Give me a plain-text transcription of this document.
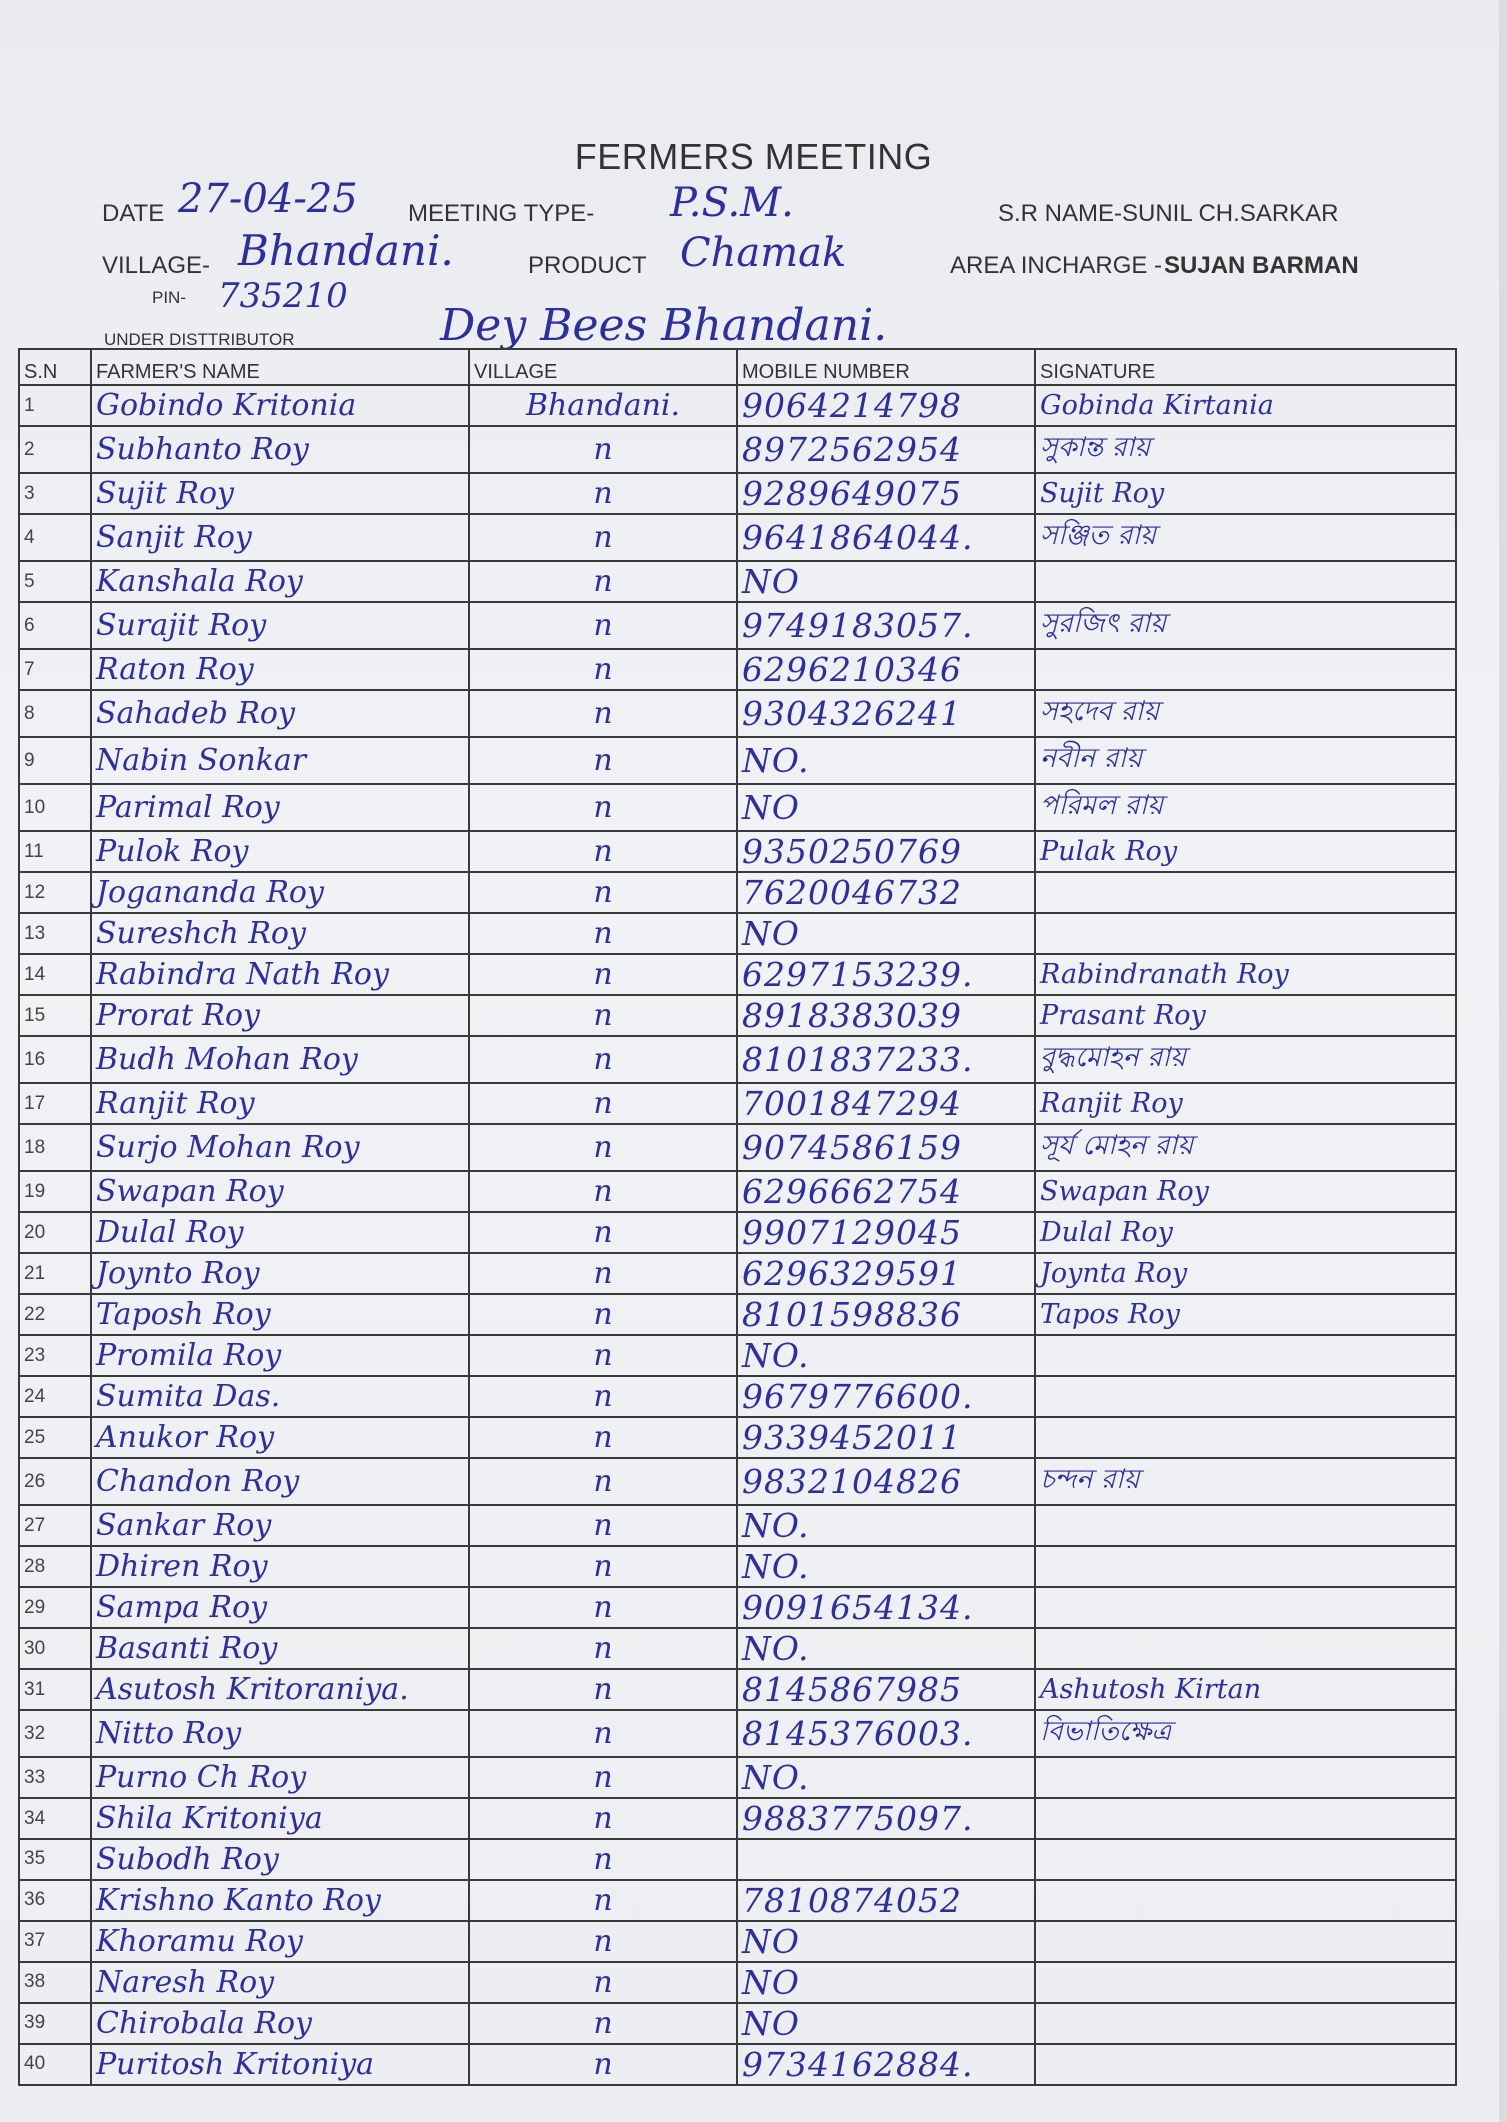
FERMERS MEETING
DATE 27-04-25 MEETING TYPE- P.S.M.	S.R NAME-SUNIL CH.SARKAR
VILLAGE- Bhandani.	PRODUCT Chamak	AREA INCHARGE - SUJAN BARMAN
PIN- 735210
UNDER DISTTRIBUTOR	Dey Bees Bhandani.
S.N	FARMER'S NAME	VILLAGE	MOBILE NUMBER	SIGNATURE
1	Gobindo Kritonia	Bhandani.	9064214798	Gobinda Kirtania
2	Subhanto Roy	n	8972562954	সুকান্ত রায়
3	Sujit Roy	n	9289649075	Sujit Roy
4	Sanjit Roy	n	9641864044.	সঞ্জিত রায়
5	Kanshala Roy	n	NO	
6	Surajit Roy	n	9749183057.	সুরজিৎ রায়
7	Raton Roy	n	6296210346	
8	Sahadeb Roy	n	9304326241	সহদেব রায়
9	Nabin Sonkar	n	NO.	নবীন রায়
10	Parimal Roy	n	NO	পরিমল রায়
11	Pulok Roy	n	9350250769	Pulak Roy
12	Jogananda Roy	n	7620046732	
13	Sureshch Roy	n	NO	
14	Rabindra Nath Roy	n	6297153239.	Rabindranath Roy
15	Prorat Roy	n	8918383039	Prasant Roy
16	Budh Mohan Roy	n	8101837233.	বুদ্ধমোহন রায়
17	Ranjit Roy	n	7001847294	Ranjit Roy
18	Surjo Mohan Roy	n	9074586159	সূর্য মোহন রায়
19	Swapan Roy	n	6296662754	Swapan Roy
20	Dulal Roy	n	9907129045	Dulal Roy
21	Joynto Roy	n	6296329591	Joynta Roy
22	Taposh Roy	n	8101598836	Tapos Roy
23	Promila Roy	n	NO.	
24	Sumita Das.	n	9679776600.	
25	Anukor Roy	n	9339452011	
26	Chandon Roy	n	9832104826	চন্দন রায়
27	Sankar Roy	n	NO.	
28	Dhiren Roy	n	NO.	
29	Sampa Roy	n	9091654134.	
30	Basanti Roy	n	NO.	
31	Asutosh Kritoraniya.	n	8145867985	Ashutosh Kirtan
32	Nitto Roy	n	8145376003.	বিভাতিক্ষেত্র
33	Purno Ch Roy	n	NO.	
34	Shila Kritoniya	n	9883775097.	
35	Subodh Roy	n		
36	Krishno Kanto Roy	n	7810874052	
37	Khoramu Roy	n	NO	
38	Naresh Roy	n	NO	
39	Chirobala Roy	n	NO	
40	Puritosh Kritoniya	n	9734162884.	
